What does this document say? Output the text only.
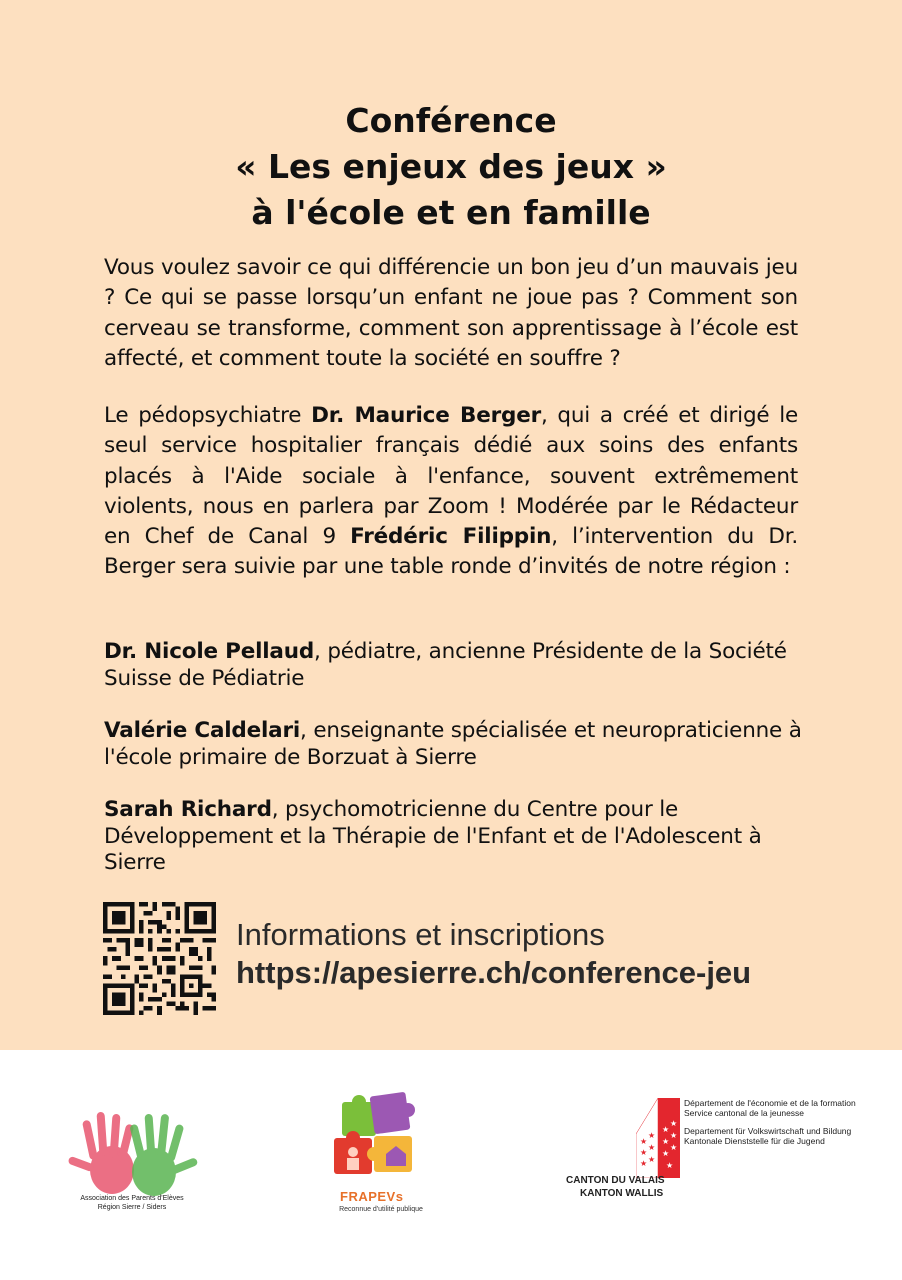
Conférence
« Les enjeux des jeux »
à l'école et en famille
Vous voulez savoir ce qui différencie un bon jeu d’un mauvais jeu ? Ce qui se passe lorsqu’un enfant ne joue pas ? Comment son cerveau se transforme, comment son apprentissage à l’école est affecté, et comment toute la société en souffre ?
Le pédopsychiatre Dr. Maurice Berger, qui a créé et dirigé le seul service hospitalier français dédié aux soins des enfants placés à l'Aide sociale à l'enfance, souvent extrêmement violents, nous en parlera par Zoom ! Modérée par le Rédacteur en Chef de Canal 9 Frédéric Filippin, l’intervention du Dr. Berger sera suivie par une table ronde d’invités de notre région :
Dr. Nicole Pellaud, pédiatre, ancienne Présidente de la Société Suisse de Pédiatrie
Valérie Caldelari, enseignante spécialisée et neuropraticienne à l'école primaire de Borzuat à Sierre
Sarah Richard, psychomotricienne du Centre pour le Développement et la Thérapie de l'Enfant et de l'Adolescent à Sierre
Informations et inscriptions
https://apesierre.ch/conference-jeu
Association des Parents d'Elèves
Région Sierre / Siders
FRAPEVs
Reconnue d'utilité publique
★
★
★
★
★ ★
★
★
★
★
★
★
★
Département de l'économie et de la formation
Service cantonal de la jeunesse
Departement für Volkswirtschaft und Bildung
Kantonale Dienststelle für die Jugend
CANTON DU VALAIS
KANTON WALLIS
